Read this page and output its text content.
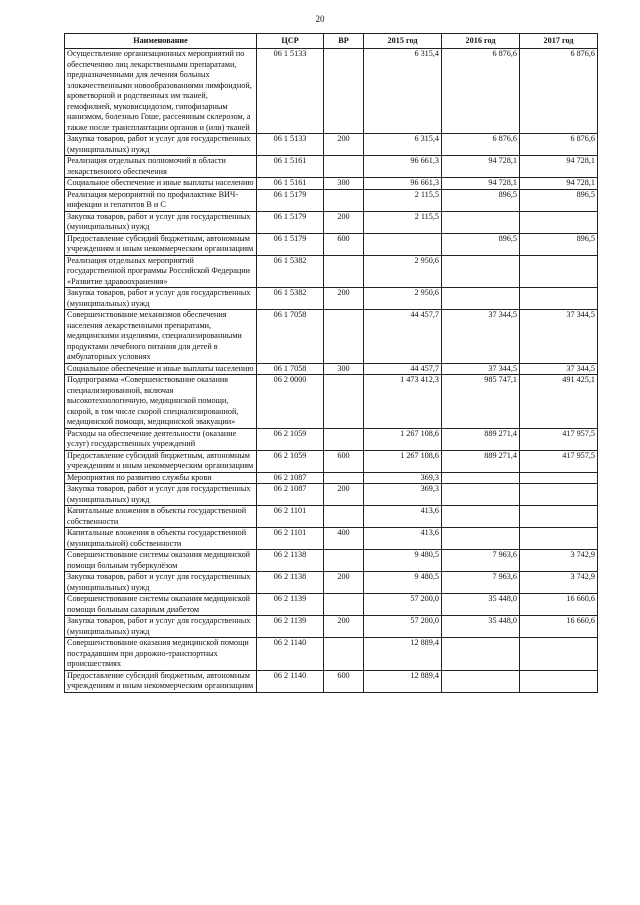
20
Наименование	ЦСР	ВР	2015 год	2016 год	2017 год
Осуществление организационных мероприятий по обеспечению лиц лекарственными препаратами, предназначенными для лечения больных злокачественными новообразованиями лимфоидной, кроветворной и родственных им тканей, гемофилией, муковисцидозом, гипофизарным нанизмом, болезнью Гоше, рассеянным склерозом, а также после трансплантации органов и (или) тканей	06 1 5133		6 315,4	6 876,6	6 876,6
Закупка товаров, работ и услуг для государственных (муниципальных) нужд	06 1 5133	200	6 315,4	6 876,6	6 876,6
Реализация отдельных полномочий в области лекарственного обеспечения	06 1 5161		96 661,3	94 728,1	94 728,1
Социальное обеспечение и иные выплаты населению	06 1 5161	300	96 661,3	94 728,1	94 728,1
Реализация мероприятий по профилактике ВИЧ-инфекции и гепатитов В и С	06 1 5179		2 115,5	896,5	896,5
Закупка товаров, работ и услуг для государственных (муниципальных) нужд	06 1 5179	200	2 115,5		
Предоставление субсидий бюджетным, автономным учреждениям и иным некоммерческим организациям	06 1 5179	600		896,5	896,5
Реализация отдельных мероприятий государственной программы Российской Федерации «Развитие здравоохранения»	06 1 5382		2 950,6		
Закупка товаров, работ и услуг для государственных (муниципальных) нужд	06 1 5382	200	2 950,6		
Совершенствование механизмов обеспечения населения лекарственными препаратами, медицинскими изделиями, специализированными продуктами лечебного питания для детей в амбулаторных условиях	06 1 7058		44 457,7	37 344,5	37 344,5
Социальное обеспечение и иные выплаты населению	06 1 7058	300	44 457,7	37 344,5	37 344,5
Подпрограмма «Совершенствование оказания специализированной, включая высокотехнологичную, медицинской помощи, скорой, в том числе скорой специализированной, медицинской помощи, медицинской эвакуации»	06 2 0000		1 473 412,3	985 747,1	491 425,1
Расходы на обеспечение деятельности (оказание услуг) государственных учреждений	06 2 1059		1 267 108,6	889 271,4	417 957,5
Предоставление субсидий бюджетным, автономным учреждениям и иным некоммерческим организациям	06 2 1059	600	1 267 108,6	889 271,4	417 957,5
Мероприятия по развитию службы крови	06 2 1087		369,3		
Закупка товаров, работ и услуг для государственных (муниципальных) нужд	06 2 1087	200	369,3		
Капитальные вложения в объекты государственной собственности	06 2 1101		413,6		
Капитальные вложения в объекты государственной (муниципальной) собственности	06 2 1101	400	413,6		
Совершенствование системы оказания медицинской помощи больным туберкулёзом	06 2 1138		9 480,5	7 963,6	3 742,9
Закупка товаров, работ и услуг для государственных (муниципальных) нужд	06 2 1138	200	9 480,5	7 963,6	3 742,9
Совершенствование системы оказания медицинской помощи больным сахарным диабетом	06 2 1139		57 200,0	35 448,0	16 660,6
Закупка товаров, работ и услуг для государственных (муниципальных) нужд	06 2 1139	200	57 200,0	35 448,0	16 660,6
Совершенствование оказания медицинской помощи пострадавшим при дорожно-транспортных происшествиях	06 2 1140		12 889,4		
Предоставление субсидий бюджетным, автономным учреждениям и иным некоммерческим организациям	06 2 1140	600	12 889,4		
